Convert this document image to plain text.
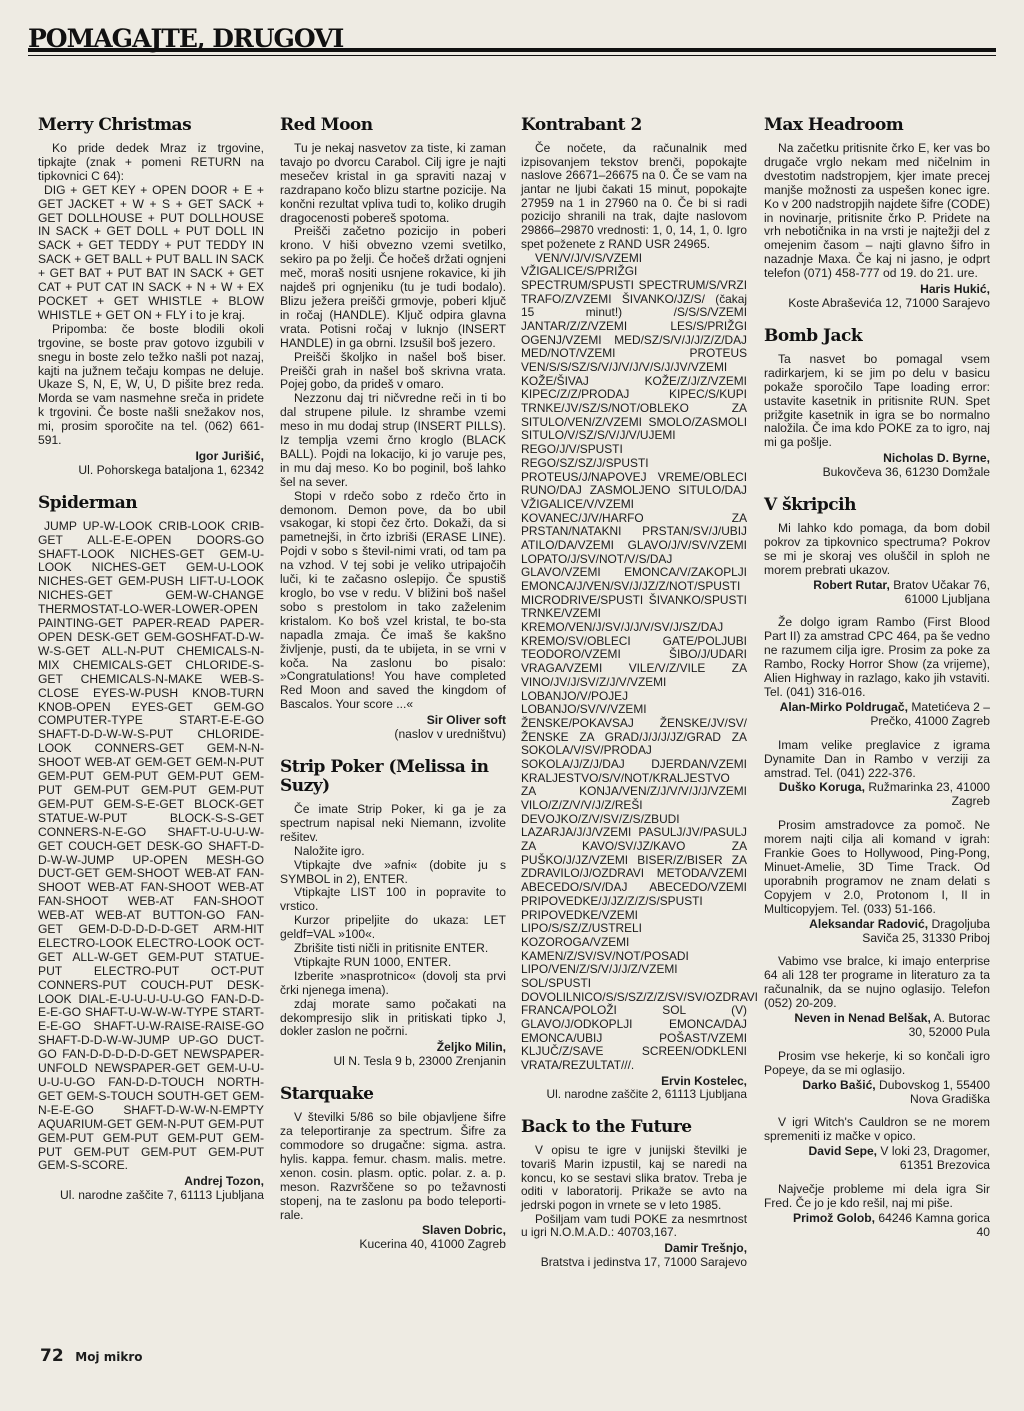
POMAGAJTE, DRUGOVI
Merry Christmas

Ko pride dedek Mraz iz trgovine, tipkajte (znak + pomeni RETURN na tipkovnici C 64):

DIG + GET KEY + OPEN DOOR + E + GET JACKET + W + S + GET SACK + GET DOLLHOUSE + PUT DOLLHOUSE IN SACK + GET DOLL + PUT DOLL IN SACK + GET TEDDY + PUT TEDDY IN SACK + GET BALL + PUT BALL IN SACK + GET BAT + PUT BAT IN SACK + GET CAT + PUT CAT IN SACK + N + W + EX POCKET + GET WHISTLE + BLOW WHISTLE + GET ON + FLY i to je kraj.

Pripomba: če boste blodili okoli trgovine, se boste prav gotovo izgubili v snegu in boste zelo težko našli pot nazaj, kajti na južnem tečaju kompas ne deluje. Ukaze S, N, E, W, U, D pišite brez reda. Morda se vam nasmehne sreča in pridete k trgovini. Če boste našli snežakov nos, mi, prosim sporočite na tel. (062) 661-591.

Igor Jurišić,
Ul. Pohorskega bataljona 1, 62342
Spiderman

JUMP UP-W-LOOK CRIB-LOOK CRIB-GET ALL-E-E-OPEN DOORS-GO SHAFT-LOOK NICHES-GET GEM-U-LOOK NICHES-GET GEM-U-LOOK NICHES-GET GEM-PUSH LIFT-U-LOOK NICHES-GET GEM-W-CHANGE THERMOSTAT-LO-WER-LOWER-OPEN PAINTING-GET PAPER-READ PAPER-OPEN DESK-GET GEM-GOSHFAT-D-W-W-S-GET ALL-N-PUT CHEMICALS-N-MIX CHEMICALS-GET CHLORIDE-S-GET CHEMICALS-N-MAKE WEB-S-CLOSE EYES-W-PUSH KNOB-TURN KNOB-OPEN EYES-GET GEM-GO COMPUTER-TYPE START-E-E-GO SHAFT-D-D-W-W-S-PUT CHLORIDE-LOOK CONNERS-GET GEM-N-N-SHOOT WEB-AT GEM-GET GEM-N-PUT GEM-PUT GEM-PUT GEM-PUT GEM-PUT GEM-PUT GEM-PUT GEM-PUT GEM-PUT GEM-S-E-GET BLOCK-GET STATUE-W-PUT BLOCK-S-S-GET CONNERS-N-E-GO SHAFT-U-U-U-W-GET COUCH-GET DESK-GO SHAFT-D-D-W-W-JUMP UP-OPEN MESH-GO DUCT-GET GEM-SHOOT WEB-AT FAN-SHOOT WEB-AT FAN-SHOOT WEB-AT FAN-SHOOT WEB-AT FAN-SHOOT WEB-AT WEB-AT BUTTON-GO FAN-GET GEM-D-D-D-D-D-GET ARM-HIT ELECTRO-LOOK ELECTRO-LOOK OCT-GET ALL-W-GET GEM-PUT STATUE-PUT ELECTRO-PUT OCT-PUT CONNERS-PUT COUCH-PUT DESK-LOOK DIAL-E-U-U-U-U-U-GO FAN-D-D-E-E-GO SHAFT-U-W-W-W-TYPE START-E-E-GO SHAFT-U-W-RAISE-RAISE-GO SHAFT-D-D-W-W-JUMP UP-GO DUCT-GO FAN-D-D-D-D-D-GET NEWSPAPER-UNFOLD NEWSPAPER-GET GEM-U-U-U-U-U-GO FAN-D-D-TOUCH NORTH-GET GEM-S-TOUCH SOUTH-GET GEM-N-E-E-GO SHAFT-D-W-W-N-EMPTY AQUARIUM-GET GEM-N-PUT GEM-PUT GEM-PUT GEM-PUT GEM-PUT GEM-PUT GEM-PUT GEM-PUT GEM-PUT GEM-S-SCORE.

Andrej Tozon,
Ul. narodne zaščite 7, 61113 Ljubljana
Red Moon

Tu je nekaj nasvetov za tiste, ki zaman tavajo po dvorcu Carabol. Cilj igre je najti mesečev kristal in ga spraviti nazaj v razdrapano kočo blizu startne pozicije. Na končni rezultat vpliva tudi to, koliko drugih dragocenosti pobereš spotoma.

Preišči začetno pozicijo in poberi krono. V hiši obvezno vzemi svetilko, sekiro pa po želji. Če hočeš držati ognjeni meč, moraš nositi usnjene rokavice, ki jih najdeš pri ognjeniku (tu je tudi bodalo). Blizu ježera preišči grmovje, poberi ključ in ročaj (HANDLE). Ključ odpira glavna vrata. Potisni ročaj v luknjo (INSERT HANDLE) in ga obrni. Izsušil boš jezero.

Preišči školjko in našel boš biser. Preišči grah in našel boš skrivna vrata. Pojej gobo, da prideš v omaro.

Nezzonu daj tri ničvredne reči in ti bo dal strupene pilule. Iz shrambe vzemi meso in mu dodaj strup (INSERT PILLS). Iz templja vzemi črno kroglo (BLACK BALL). Pojdi na lokacijo, ki jo varuje pes, in mu daj meso. Ko bo poginil, boš lahko šel na sever.

Stopi v rdečo sobo z rdečo črto in demonom. Demon pove, da bo ubil vsakogar, ki stopi čez črto. Dokaži, da si pametnejši, in črto izbriši (ERASE LINE). Pojdi v sobo s števil-nimi vrati, od tam pa na vzhod. V tej sobi je veliko utripajočih luči, ki te začasno oslepijo. Če spustiš kroglo, bo vse v redu. V bližini boš našel sobo s prestolom in tako zaželenim kristalom. Ko boš vzel kristal, te bo-sta napadla zmaja. Če imaš še kakšno življenje, pusti, da te ubijeta, in se vrni v koča. Na zaslonu bo pisalo: »Congratulations! You have completed Red Moon and saved the kingdom of Bascalos. Your score ...«

Sir Oliver soft
(naslov v uredništvu)
Strip Poker (Melissa in Suzy)

Če imate Strip Poker, ki ga je za spectrum napisal neki Niemann, izvolite rešitev.

Naložite igro.

Vtipkajte dve »afni« (dobite ju s SYMBOL in 2), ENTER.

Vtipkajte LIST 100 in popravite to vrstico.

Kurzor pripeljite do ukaza: LET geldf=VAL »100«.

Zbrišite tisti ničli in pritisnite ENTER.

Vtipkajte RUN 1000, ENTER.

Izberite »nasprotnico« (dovolj sta prvi črki njenega imena).

zdaj morate samo počakati na dekompresijo slik in pritiskati tipko J, dokler zaslon ne počrni.

Željko Milin,
Ul N. Tesla 9 b, 23000 Zrenjanin
Starquake

V številki 5/86 so bile objavljene šifre za teleportiranje za spectrum. Šifre za commodore so drugačne: sigma. astra. hylis. kappa. femur. chasm. malis. metre. xenon. cosin. plasm. optic. polar. z. a. p. meson. Razvrščene so po težavnosti stopenj, na te zaslonu pa bodo teleporti-rale.

Slaven Dobric,
Kucerina 40, 41000 Zagreb
Kontrabant 2

Če nočete, da računalnik med izpisovanjem tekstov brenči, popokajte naslove 26671–26675 na 0. Če se vam na jantar ne ljubi čakati 15 minut, popokajte 27959 na 1 in 27960 na 0. Če bi si radi pozicijo shranili na trak, dajte naslovom 29866–29870 vrednosti: 1, 0, 14, 1, 0. Igro spet poženete z RAND USR 24965.

VEN/V/J/V/S/VZEMI VŽIGALICE/S/PRIŽGI SPECTRUM/SPUSTI SPECTRUM/S/VRZI TRAFO/Z/VZEMI ŠIVANKO/JZ/S/ (čakaj 15 minut!) /S/S/S/VZEMI JANTAR/Z/Z/VZEMI LES/S/PRIŽGI OGENJ/VZEMI MED/SZ/S/V/J/J/Z/Z/DAJ MED/NOT/VZEMI PROTEUS VEN/S/S/SZ/S/V/J/V/J/V/S/J/JV/VZEMI KOŽE/ŠIVAJ KOŽE/Z/J/Z/VZEMI KIPEC/Z/Z/PRODAJ KIPEC/S/KUPI TRNKE/JV/SZ/S/NOT/OBLEKO ZA SITULO/VEN/Z/VZEMI SMOLO/ZASMOLI SITULO/V/SZ/S/V/J/V/UJEMI REGO/J/V/SPUSTI REGO/SZ/SZ/J/SPUSTI PROTEUS/J/NAPOVEJ VREME/OBLECI RUNO/DAJ ZASMOLJENO SITULO/DAJ VŽIGALICE/V/VZEMI KOVANEC/J/V/HARFO ZA PRSTAN/NATAKNI PRSTAN/SV/J/UBIJ ATILO/DA/VZEMI GLAVO/J/V/SV/VZEMI LOPATO/J/SV/NOT/V/S/DAJ GLAVO/VZEMI EMONCA/V/ZAKOPLJI EMONCA/J/VEN/SV/J/JZ/Z/NOT/SPUSTI MICRODRIVE/SPUSTI ŠIVANKO/SPUSTI TRNKE/VZEMI KREMO/VEN/J/SV/J/J/V/SV/J/SZ/DAJ KREMO/SV/OBLECI GATE/POLJUBI TEODORO/VZEMI ŠIBO/J/UDARI VRAGA/VZEMI VILE/V/Z/VILE ZA VINO/JV/J/SV/Z/J/V/VZEMI LOBANJO/V/POJEJ LOBANJO/SV/V/VZEMI ŽENSKE/POKAVSAJ ŽENSKE/JV/SV/ŽENSKE ZA GRAD/J/J/J/JZ/GRAD ZA SOKOLA/V/SV/PRODAJ SOKOLA/J/Z/J/DAJ DJERDAN/VZEMI KRALJESTVO/S/V/NOT/KRALJESTVO ZA KONJA/VEN/Z/J/V/V/J/J/VZEMI VILO/Z/Z/V/V/J/Z/REŠI DEVOJKO/Z/V/SV/Z/S/ZBUDI LAZARJA/J/J/VZEMI PASULJ/JV/PASULJ ZA KAVO/SV/JZ/KAVO ZA PUŠKO/J/JZ/VZEMI BISER/Z/BISER ZA ZDRAVILO/J/OZDRAVI METODA/VZEMI ABECEDO/S/V/DAJ ABECEDO/VZEMI PRIPOVEDKE/J/JZ/Z/Z/S/SPUSTI PRIPOVEDKE/VZEMI LIPO/S/SZ/Z/USTRELI KOZOROGA/VZEMI KAMEN/Z/SV/SV/NOT/POSADI LIPO/VEN/Z/S/V/J/J/Z/VZEMI SOL/SPUSTI DOVOLILNICO/S/S/SZ/Z/Z/SV/SV/OZDRAVI FRANCA/POLOŽI SOL (V) GLAVO/J/ODKOPLJI EMONCA/DAJ EMONCA/UBIJ POŠAST/VZEMI KLJUČ/Z/SAVE SCREEN/ODKLENI VRATA/REZULTAT///.

Ervin Kostelec,
Ul. narodne zaščite 2, 61113 Ljubljana
Back to the Future

V opisu te igre v junijski številki je tovariš Marin izpustil, kaj se naredi na koncu, ko se sestavi slika bratov. Treba je oditi v laboratorij. Prikaže se avto na jedrski pogon in vrnete se v leto 1985.

Pošiljam vam tudi POKE za nesmrtnost u igri N.O.M.A.D.: 40703,167.

Damir Trešnjo,
Bratstva i jedinstva 17, 71000 Sarajevo
Max Headroom

Na začetku pritisnite črko E, ker vas bo drugače vrglo nekam med ničelnim in dvestotim nadstropjem, kjer imate precej manjše možnosti za uspešen konec igre. Ko v 200 nadstropjih najdete šifre (CODE) in novinarje, pritisnite črko P. Pridete na vrh nebotičnika in na vrsti je najtežji del z omejenim časom – najti glavno šifro in nazadnje Maxa. Če kaj ni jasno, je odprt telefon (071) 458-777 od 19. do 21. ure.

Haris Hukić,
Koste Abraševića 12, 71000 Sarajevo
Bomb Jack

Ta nasvet bo pomagal vsem radirkarjem, ki se jim po delu v basicu pokaže sporočilo Tape loading error: ustavite kasetnik in pritisnite RUN. Spet prižgite kasetnik in igra se bo normalno naložila. Če ima kdo POKE za to igro, naj mi ga pošlje.

Nicholas D. Byrne,
Bukovčeva 36, 61230 Domžale
V škripcih
Mi lahko kdo pomaga, da bom dobil pokrov za tipkovnico spectruma? Pokrov se mi je skoraj ves oluščil in sploh ne morem prebrati ukazov.
Robert Rutar, Bratov Učakar 76, 61000 Ljubljana
Že dolgo igram Rambo (First Blood Part II) za amstrad CPC 464, pa še vedno ne razumem cilja igre. Prosim za poke za Rambo, Rocky Horror Show (za vrijeme), Alien Highway in razlago, kako jih vstaviti. Tel. (041) 316-016.
Alan-Mirko Poldrugač, Matetićeva 2 – Prečko, 41000 Zagreb
Imam velike preglavice z igrama Dynamite Dan in Rambo v verziji za amstrad. Tel. (041) 222-376.
Duško Koruga, Ružmarinka 23, 41000 Zagreb
Prosim amstradovce za pomoč. Ne morem najti cilja ali komand v igrah: Frankie Goes to Hollywood, Ping-Pong, Minuet-Amelie, 3D Time Track. Od uporabnih programov ne znam delati s Copyjem v 2.0, Protonom I, II in Multicopyjem. Tel. (033) 51-166.
Aleksandar Radović, Dragoljuba Saviča 25, 31330 Priboj
Vabimo vse bralce, ki imajo enterprise 64 ali 128 ter programe in literaturo za ta računalnik, da se nujno oglasijo. Telefon (052) 20-209.
Neven in Nenad Belšak, A. Butorac 30, 52000 Pula
Prosim vse hekerje, ki so končali igro Popeye, da se mi oglasijo.
Darko Bašić, Dubovskog 1, 55400 Nova Gradiška
V igri Witch's Cauldron se ne morem spremeniti iz mačke v opico.
David Sepe, V loki 23, Dragomer, 61351 Brezovica
Največje probleme mi dela igra Sir Fred. Če jo je kdo rešil, naj mi piše.
Primož Golob, 64246 Kamna gorica 40
72 Moj mikro
